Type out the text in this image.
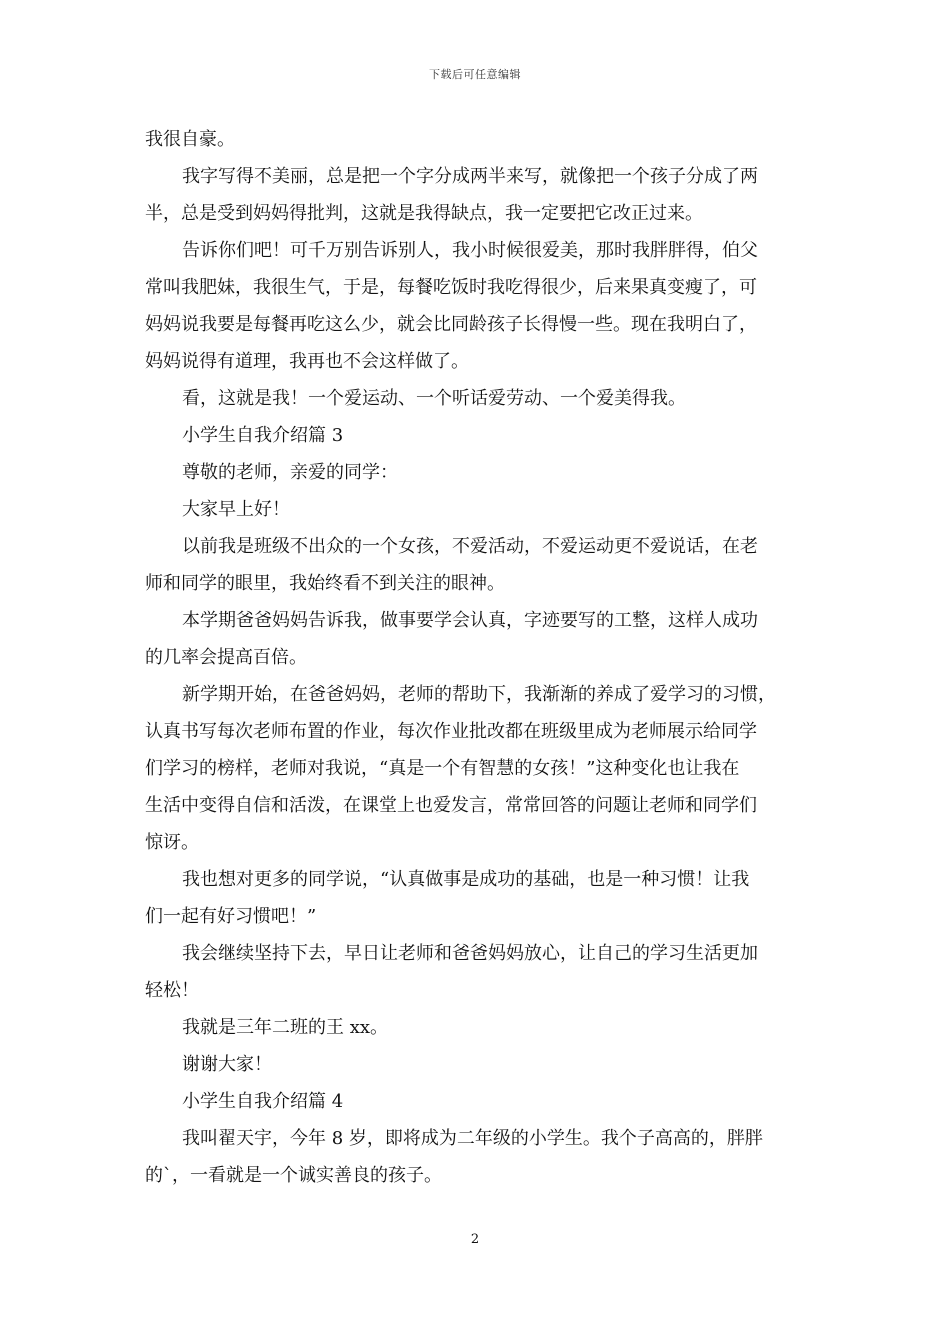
下载后可任意编辑
我很自豪。
我字写得不美丽，总是把一个字分成两半来写，就像把一个孩子分成了两
半，总是受到妈妈得批判，这就是我得缺点，我一定要把它改正过来。
告诉你们吧！可千万别告诉别人，我小时候很爱美，那时我胖胖得，伯父
常叫我肥妹，我很生气，于是，每餐吃饭时我吃得很少，后来果真变瘦了，可
妈妈说我要是每餐再吃这么少，就会比同龄孩子长得慢一些。现在我明白了，
妈妈说得有道理，我再也不会这样做了。
看，这就是我！一个爱运动、一个听话爱劳动、一个爱美得我。
小学生自我介绍篇 3
尊敬的老师，亲爱的同学：
大家早上好！
以前我是班级不出众的一个女孩，不爱活动，不爱运动更不爱说话，在老
师和同学的眼里，我始终看不到关注的眼神。
本学期爸爸妈妈告诉我，做事要学会认真，字迹要写的工整，这样人成功
的几率会提高百倍。
新学期开始，在爸爸妈妈，老师的帮助下，我渐渐的养成了爱学习的习惯，
认真书写每次老师布置的作业，每次作业批改都在班级里成为老师展示给同学
们学习的榜样，老师对我说，“真是一个有智慧的女孩！”这种变化也让我在
生活中变得自信和活泼，在课堂上也爱发言，常常回答的问题让老师和同学们
惊讶。
我也想对更多的同学说，“认真做事是成功的基础，也是一种习惯！让我
们一起有好习惯吧！”
我会继续坚持下去，早日让老师和爸爸妈妈放心，让自己的学习生活更加
轻松！
我就是三年二班的王 xx。
谢谢大家！
小学生自我介绍篇 4
我叫翟天宇，今年 8 岁，即将成为二年级的小学生。我个子高高的，胖胖
的`，一看就是一个诚实善良的孩子。
2
